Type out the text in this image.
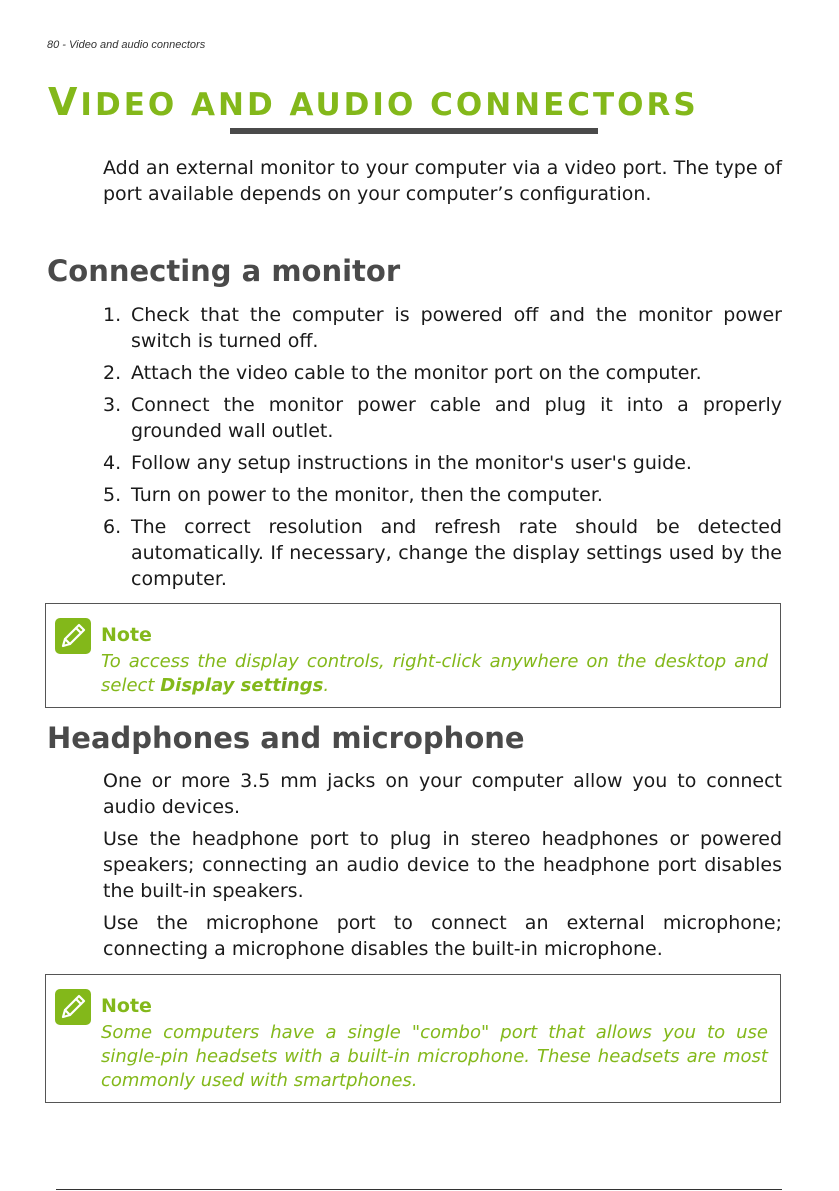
80 - Video and audio connectors
VIDEO AND AUDIO CONNECTORS

Add an external monitor to your computer via a video port. The type of port available depends on your computer’s configuration.

Connecting a monitor
1. Check that the computer is powered off and the monitor power switch is turned off.
2. Attach the video cable to the monitor port on the computer.
3. Connect the monitor power cable and plug it into a properly grounded wall outlet.
4. Follow any setup instructions in the monitor's user's guide.
5. Turn on power to the monitor, then the computer.
6. The correct resolution and refresh rate should be detected automatically. If necessary, change the display settings used by the computer.
Note

To access the display controls, right-click anywhere on the desktop and select Display settings.

Headphones and microphone

One or more 3.5 mm jacks on your computer allow you to connect audio devices.

Use the headphone port to plug in stereo headphones or powered speakers; connecting an audio device to the headphone port disables the built-in speakers.

Use the microphone port to connect an external microphone; connecting a microphone disables the built-in microphone.

Note

Some computers have a single "combo" port that allows you to use single-pin headsets with a built-in microphone. These headsets are most commonly used with smartphones.
